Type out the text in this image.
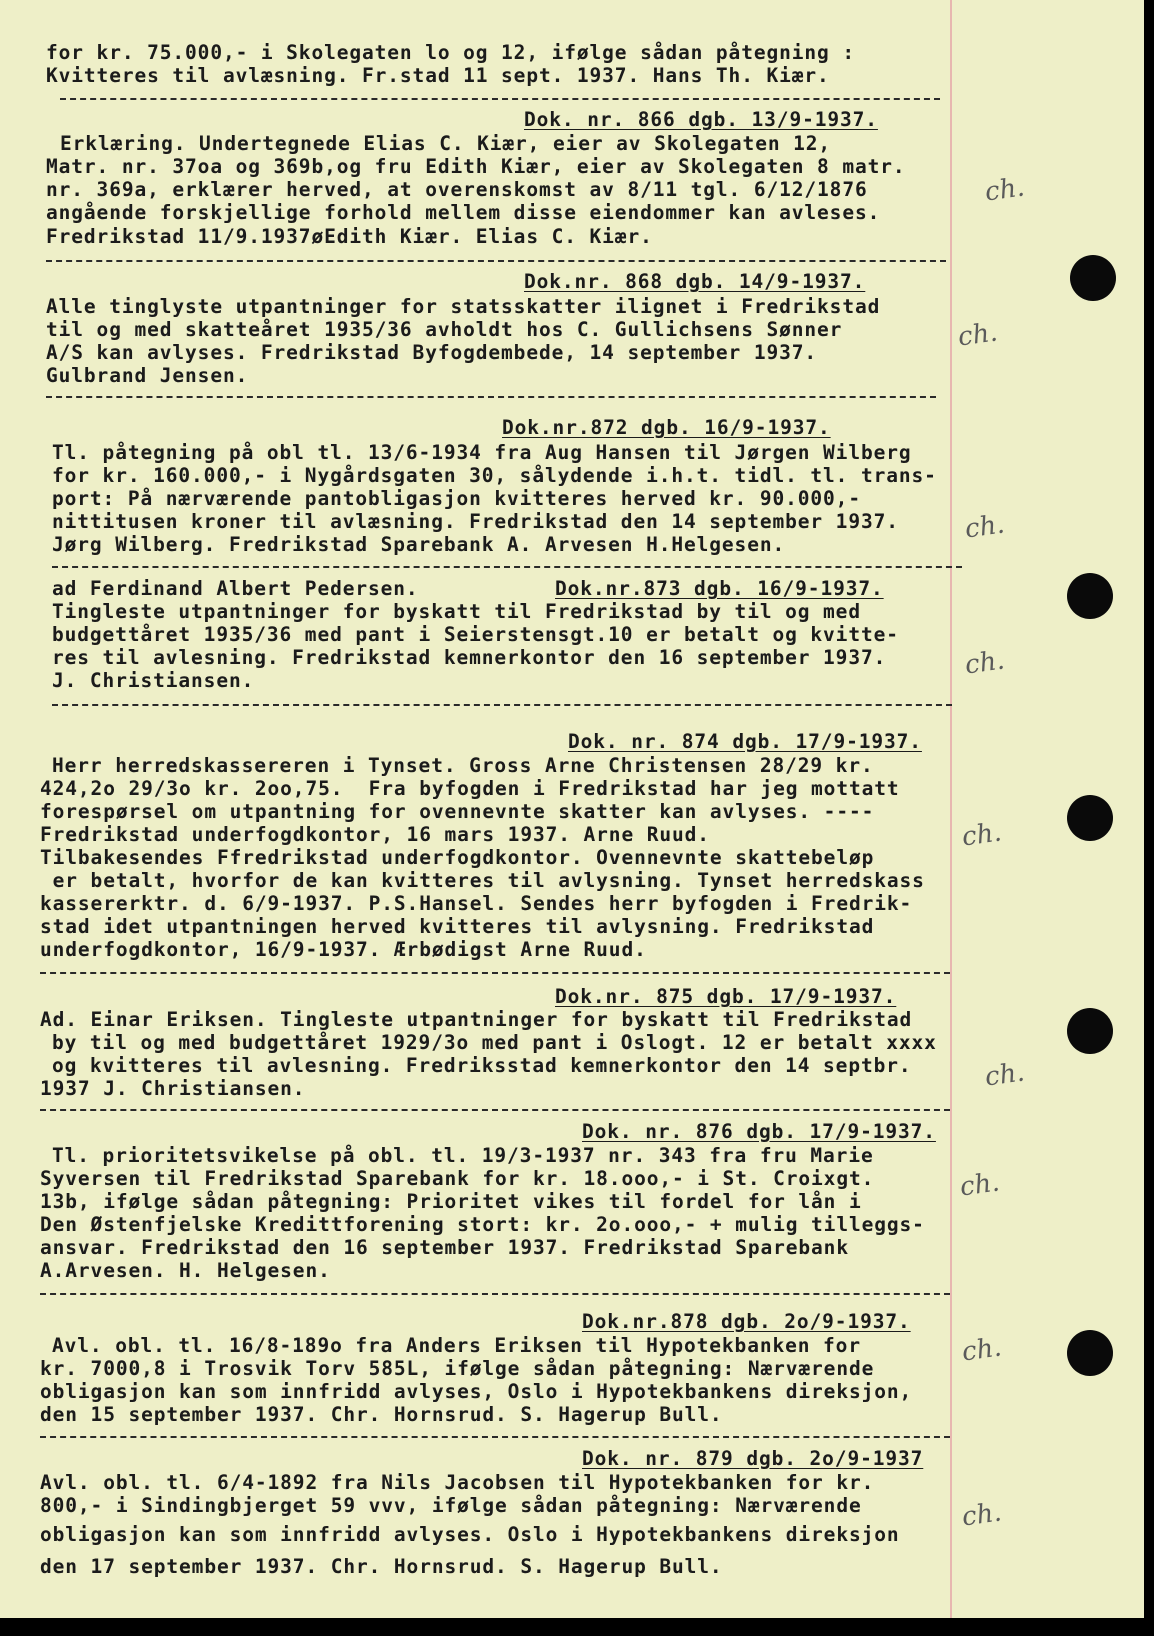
for kr. 75.000,- i Skolegaten lo og 12, ifølge sådan påtegning :
Kvitteres til avlæsning. Fr.stad 11 sept. 1937. Hans Th. Kiær.
Dok. nr. 866 dgb. 13/9-1937.
Erklæring. Undertegnede Elias C. Kiær, eier av Skolegaten 12,
Matr. nr. 37oa og 369b,og fru Edith Kiær, eier av Skolegaten 8 matr.
nr. 369a, erklærer herved, at overenskomst av 8/11 tgl. 6/12/1876
angående forskjellige forhold mellem disse eiendommer kan avleses.
Fredrikstad 11/9.1937øEdith Kiær. Elias C. Kiær.
ch.
Dok.nr. 868 dgb. 14/9-1937.
Alle tinglyste utpantninger for statsskatter ilignet i Fredrikstad
til og med skatteåret 1935/36 avholdt hos C. Gullichsens Sønner
A/S kan avlyses. Fredrikstad Byfogdembede, 14 september 1937.
Gulbrand Jensen.
ch.
Dok.nr.872 dgb. 16/9-1937.
Tl. påtegning på obl tl. 13/6-1934 fra Aug Hansen til Jørgen Wilberg
for kr. 160.000,- i Nygårdsgaten 30, sålydende i.h.t. tidl. tl. trans-
port: På nærværende pantobligasjon kvitteres herved kr. 90.000,-
nittitusen kroner til avlæsning. Fredrikstad den 14 september 1937.
Jørg Wilberg. Fredrikstad Sparebank A. Arvesen H.Helgesen.	ch.
ad Ferdinand Albert Pedersen.	Dok.nr.873 dgb. 16/9-1937.
Tingleste utpantninger for byskatt til Fredrikstad by til og med
budgettåret 1935/36 med pant i Seierstensgt.10 er betalt og kvitte-
res til avlesning. Fredrikstad kemnerkontor den 16 september 1937.
J. Christiansen.	ch.
Dok. nr. 874 dgb. 17/9-1937.
Herr herredskassereren i Tynset. Gross Arne Christensen 28/29 kr.
424,2o 29/3o kr. 2oo,75.  Fra byfogden i Fredrikstad har jeg mottatt
forespørsel om utpantning for ovennevnte skatter kan avlyses. ----
Fredrikstad underfogdkontor, 16 mars 1937. Arne Ruud.
Tilbakesendes Ffredrikstad underfogdkontor. Ovennevnte skattebeløp
er betalt, hvorfor de kan kvitteres til avlysning. Tynset herredskass
kassererktr. d. 6/9-1937. P.S.Hansel. Sendes herr byfogden i Fredrik-
stad idet utpantningen herved kvitteres til avlysning. Fredrikstad
underfogdkontor, 16/9-1937. Ærbødigst Arne Ruud.
ch.
Dok.nr. 875 dgb. 17/9-1937.
Ad. Einar Eriksen. Tingleste utpantninger for byskatt til Fredrikstad
by til og med budgettåret 1929/3o med pant i Oslogt. 12 er betalt xxxx
og kvitteres til avlesning. Fredriksstad kemnerkontor den 14 septbr.
1937 J. Christiansen.	ch.
Dok. nr. 876 dgb. 17/9-1937.
Tl. prioritetsvikelse på obl. tl. 19/3-1937 nr. 343 fra fru Marie
Syversen til Fredrikstad Sparebank for kr. 18.ooo,- i St. Croixgt.
13b, ifølge sådan påtegning: Prioritet vikes til fordel for lån i
Den Østenfjelske Kredittforening stort: kr. 2o.ooo,- + mulig tilleggs-
ansvar. Fredrikstad den 16 september 1937. Fredrikstad Sparebank
A.Arvesen. H. Helgesen.
ch.
Dok.nr.878 dgb. 2o/9-1937.
Avl. obl. tl. 16/8-189o fra Anders Eriksen til Hypotekbanken for
kr. 7000,8 i Trosvik Torv 585L, ifølge sådan påtegning: Nærværende
obligasjon kan som innfridd avlyses, Oslo i Hypotekbankens direksjon,
den 15 september 1937. Chr. Hornsrud. S. Hagerup Bull.
ch.
Dok. nr. 879 dgb. 2o/9-1937
Avl. obl. tl. 6/4-1892 fra Nils Jacobsen til Hypotekbanken for kr.
800,- i Sindingbjerget 59 vvv, ifølge sådan påtegning: Nærværende
obligasjon kan som innfridd avlyses. Oslo i Hypotekbankens direksjon
den 17 september 1937. Chr. Hornsrud. S. Hagerup Bull.
ch.
